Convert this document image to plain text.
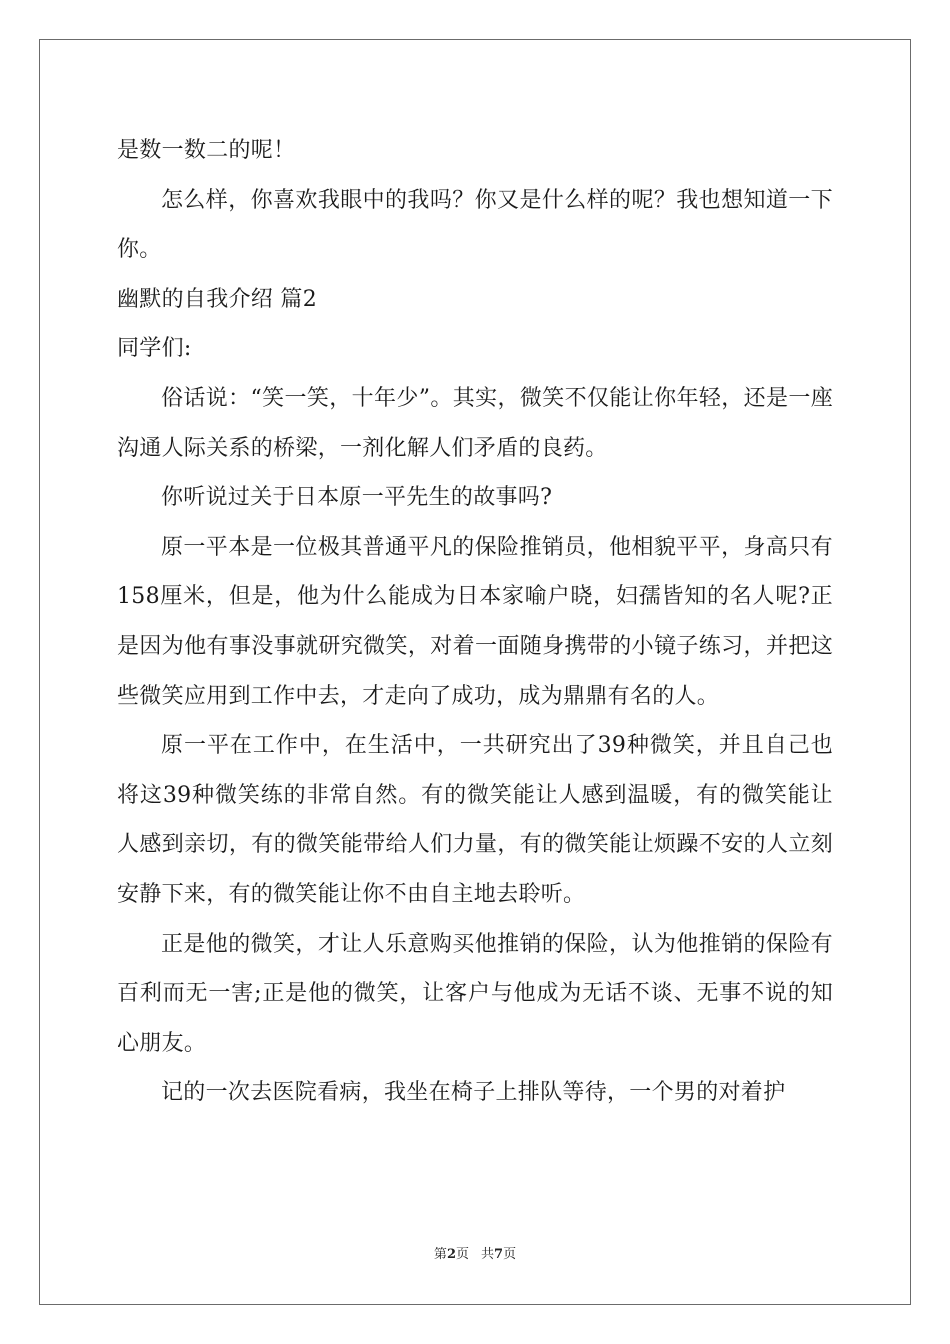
是数一数二的呢！

怎么样，你喜欢我眼中的我吗？你又是什么样的呢？我也想知道一下你。

幽默的自我介绍 篇2

同学们:

俗话说：“笑一笑，十年少”。其实，微笑不仅能让你年轻，还是一座沟通人际关系的桥梁，一剂化解人们矛盾的良药。

你听说过关于日本原一平先生的故事吗?

原一平本是一位极其普通平凡的保险推销员，他相貌平平，身高只有158厘米，但是，他为什么能成为日本家喻户晓，妇孺皆知的名人呢?正是因为他有事没事就研究微笑，对着一面随身携带的小镜子练习，并把这些微笑应用到工作中去，才走向了成功，成为鼎鼎有名的人。

原一平在工作中，在生活中，一共研究出了39种微笑，并且自己也将这39种微笑练的非常自然。有的微笑能让人感到温暖，有的微笑能让人感到亲切，有的微笑能带给人们力量，有的微笑能让烦躁不安的人立刻安静下来，有的微笑能让你不由自主地去聆听。

正是他的微笑，才让人乐意购买他推销的保险，认为他推销的保险有百利而无一害;正是他的微笑，让客户与他成为无话不谈、无事不说的知心朋友。

记的一次去医院看病，我坐在椅子上排队等待，一个男的对着护

第2页 共7页
